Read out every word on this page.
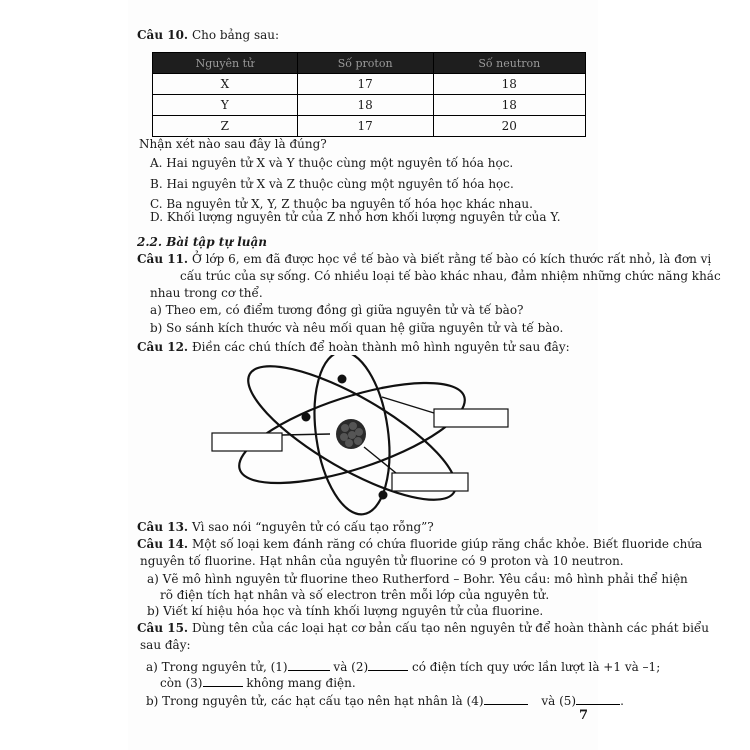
Câu 10. Cho bảng sau:
Nguyên tử	Số proton	Số neutron
X	17	18
Y	18	18
Z	17	20
Nhận xét nào sau đây là đúng?
A. Hai nguyên tử X và Y thuộc cùng một nguyên tố hóa học.
B. Hai nguyên tử X và Z thuộc cùng một nguyên tố hóa học.
C. Ba nguyên tử X, Y, Z thuộc ba nguyên tố hóa học khác nhau.
D. Khối lượng nguyên tử của Z nhỏ hơn khối lượng nguyên tử của Y.
2.2. Bài tập tự luận
Câu 11. Ở lớp 6, em đã được học về tế bào và biết rằng tế bào có kích thước rất nhỏ, là đơn vị
cấu trúc của sự sống. Có nhiều loại tế bào khác nhau, đảm nhiệm những chức năng khác
nhau trong cơ thể.
a) Theo em, có điểm tương đồng gì giữa nguyên tử và tế bào?
b) So sánh kích thước và nêu mối quan hệ giữa nguyên tử và tế bào.
Câu 12. Điền các chú thích để hoàn thành mô hình nguyên tử sau đây:
Câu 13. Vì sao nói “nguyên tử có cấu tạo rỗng”?
Câu 14. Một số loại kem đánh răng có chứa fluoride giúp răng chắc khỏe. Biết fluoride chứa
nguyên tố fluorine. Hạt nhân của nguyên tử fluorine có 9 proton và 10 neutron.
a) Vẽ mô hình nguyên tử fluorine theo Rutherford – Bohr. Yêu cầu: mô hình phải thể hiện
rõ điện tích hạt nhân và số electron trên mỗi lớp của nguyên tử.
b) Viết kí hiệu hóa học và tính khối lượng nguyên tử của fluorine.
Câu 15. Dùng tên của các loại hạt cơ bản cấu tạo nên nguyên tử để hoàn thành các phát biểu
sau đây:
a) Trong nguyên tử, (1)	và (2)	có điện tích quy ước lần lượt là +1 và –1;
còn (3)	không mang điện.
b) Trong nguyên tử, các hạt cấu tạo nên hạt nhân là (4)	và (5)	.
7
